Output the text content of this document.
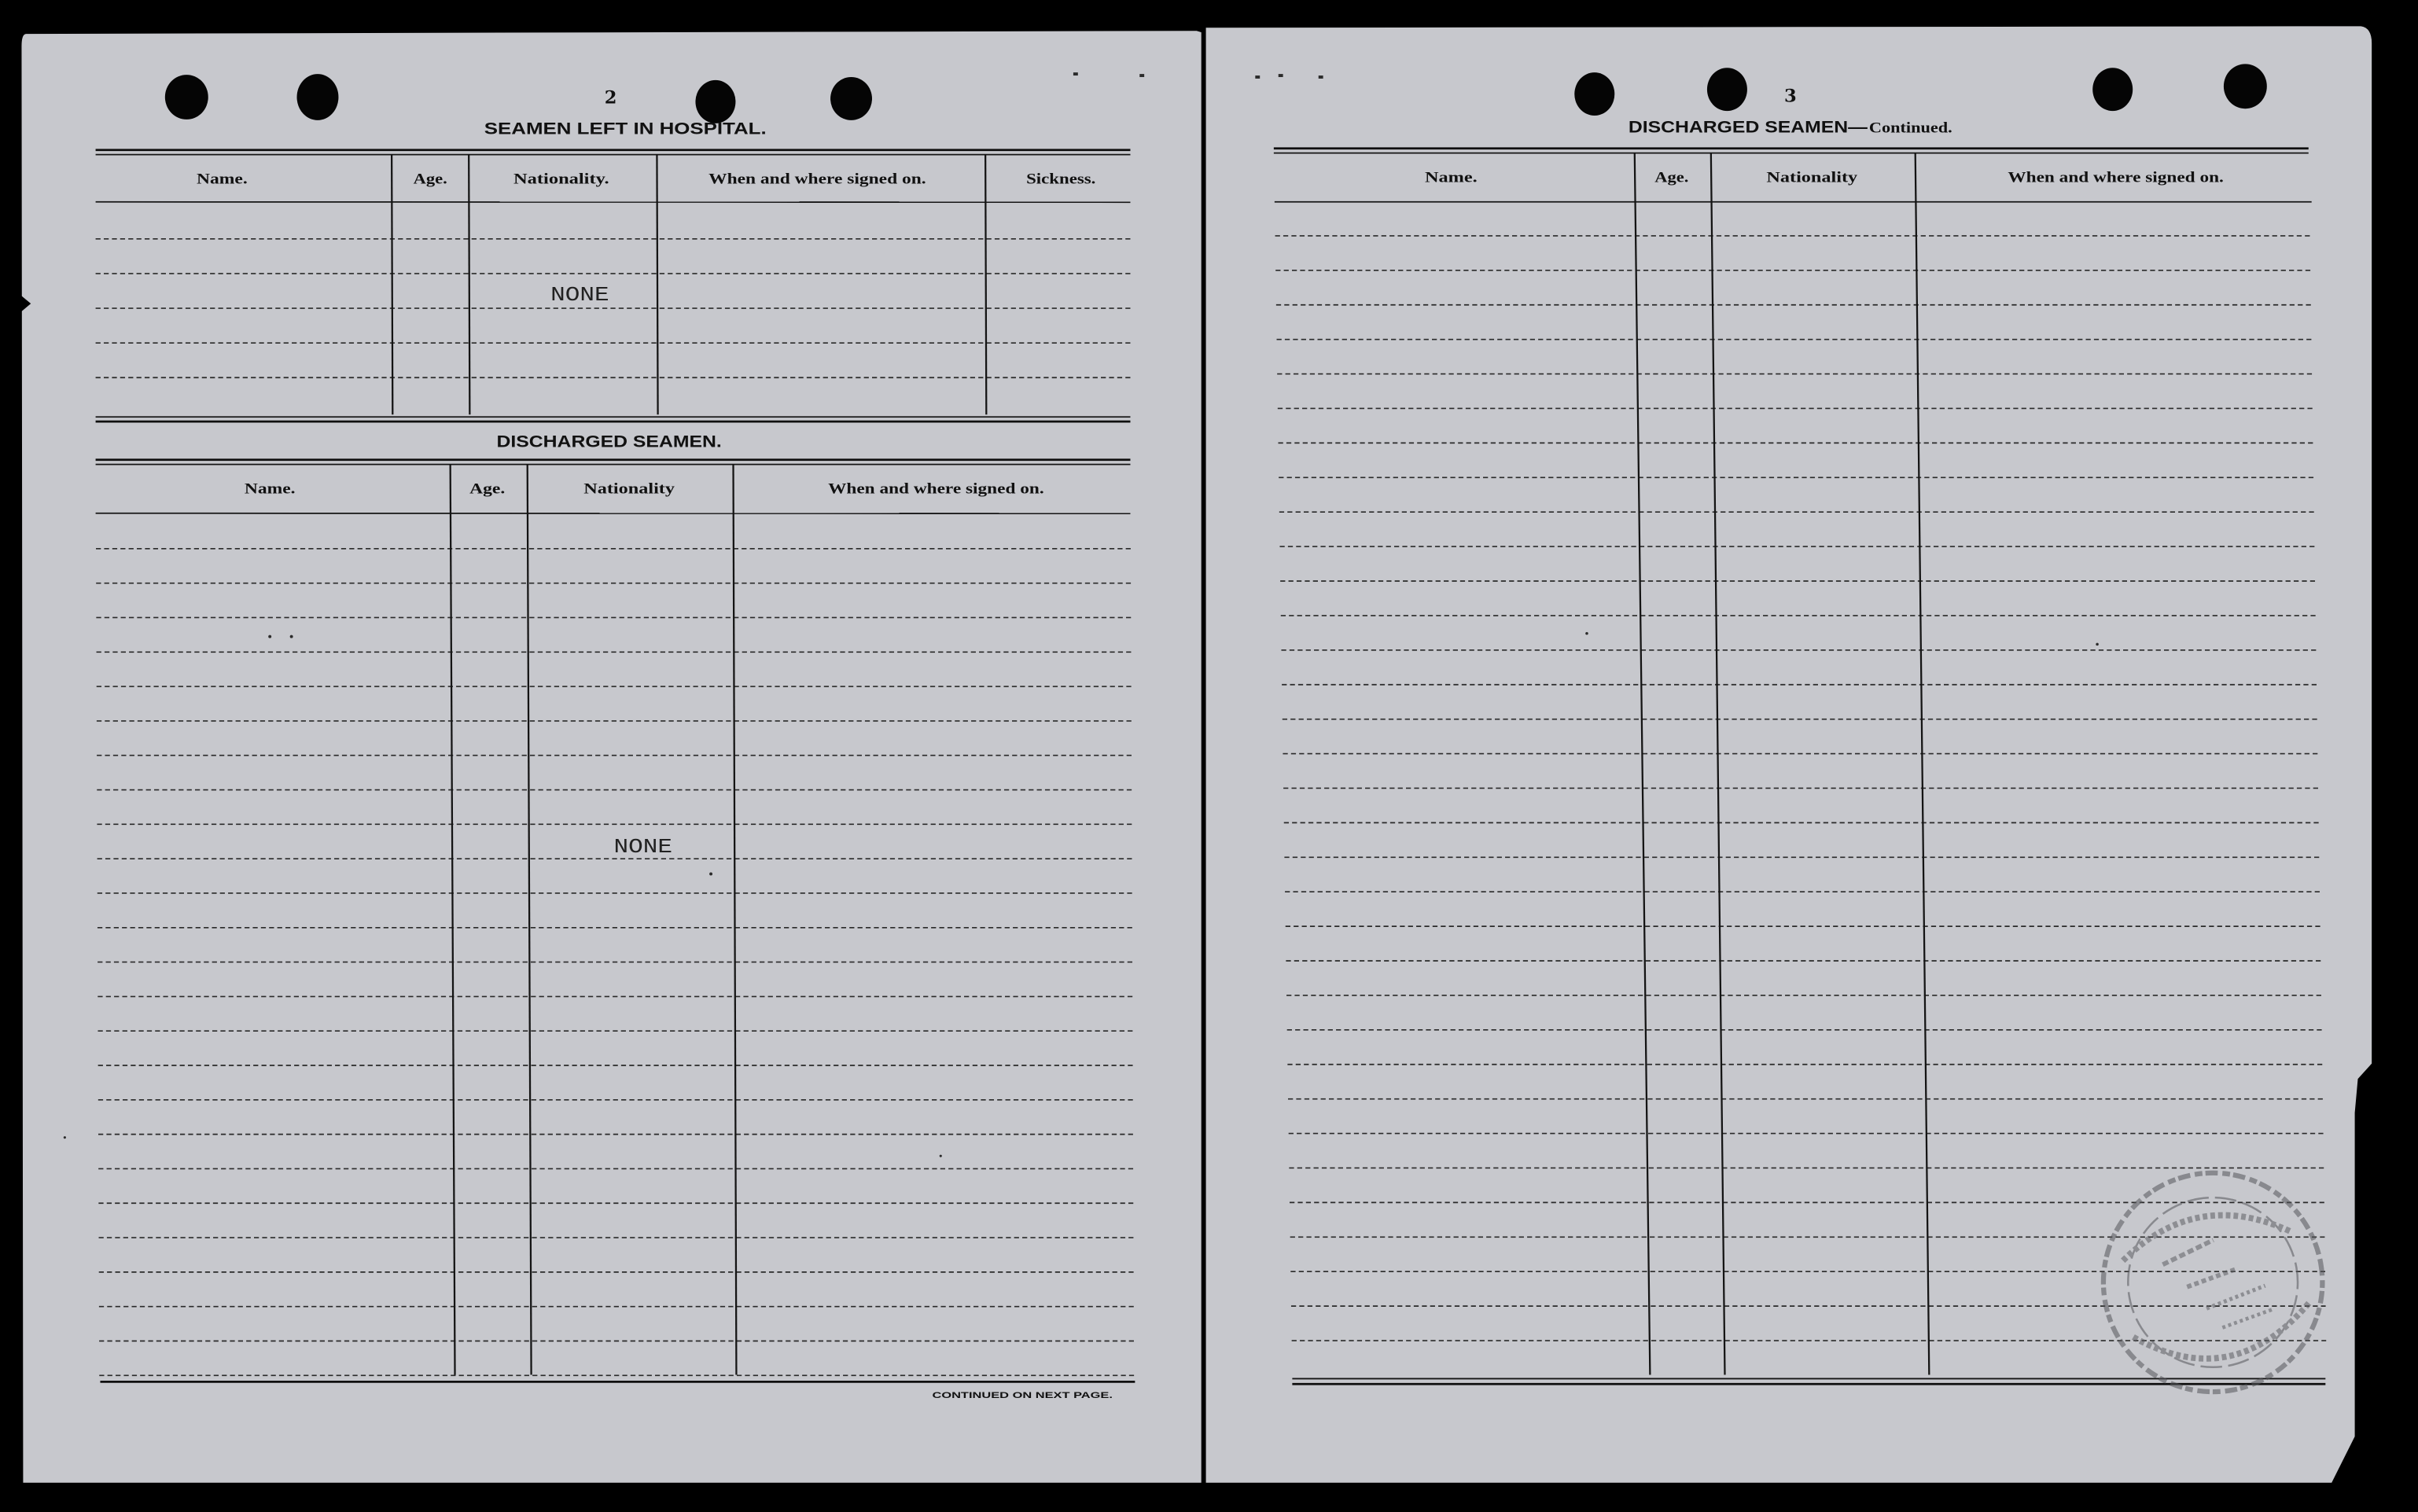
2
SEAMEN LEFT IN HOSPITAL.
Name.	Age.	Nationality.	When and where signed on.	Sickness.
NONE
DISCHARGED SEAMEN.
Name.	Age.	Nationality	When and where signed on.
NONE
CONTINUED ON NEXT PAGE.
3
DISCHARGED SEAMEN— Continued.
Name.	Age.	Nationality	When and where signed on.
